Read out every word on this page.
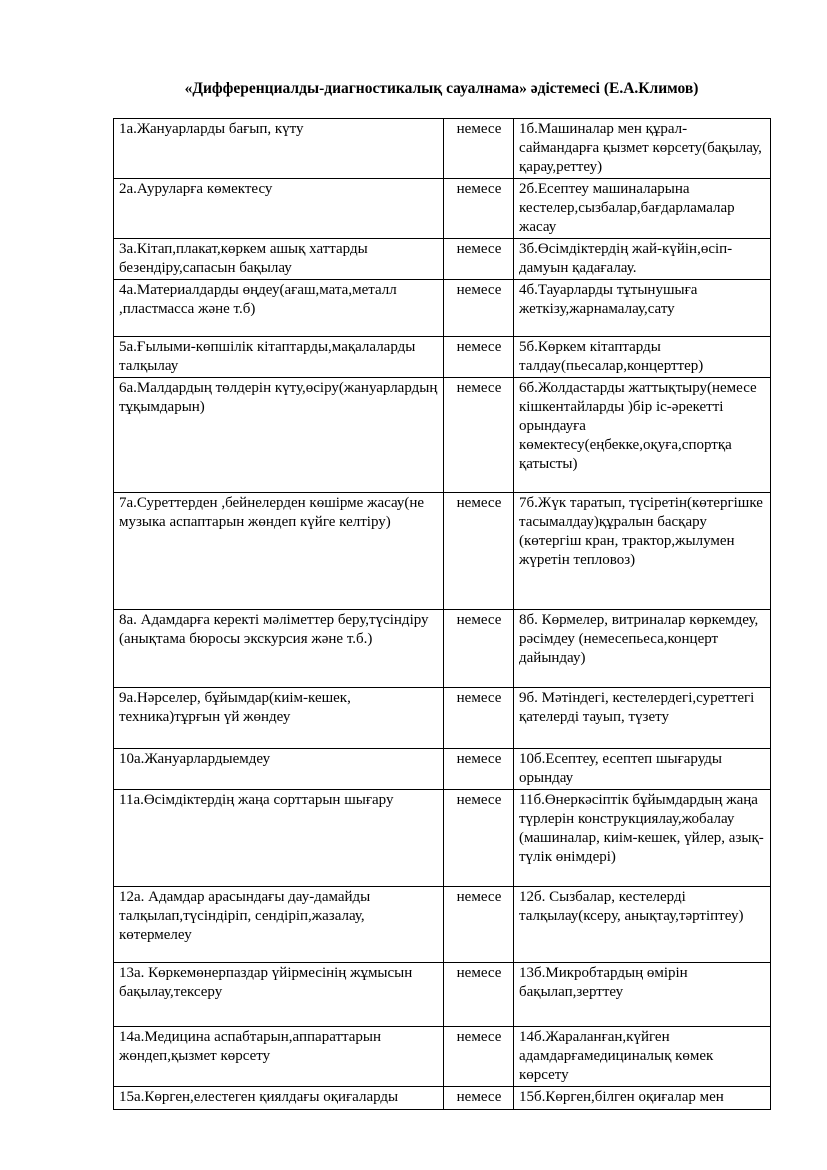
«Дифференциалды-диагностикалық сауалнама» әдістемесі (Е.А.Климов)
1а.Жануарларды бағып, күту	немесе	1б.Машиналар мен құрал-саймандарға қызмет көрсету(бақылау, қарау,реттеу)
2а.Ауруларға көмектесу	немесе	2б.Есептеу машиналарына кестелер,сызбалар,бағдарламалар жасау
3а.Кітап,плакат,көркем ашық хаттарды безендіру,сапасын бақылау	немесе	3б.Өсімдіктердің жай-күйін,өсіп-дамуын қадағалау.
4а.Материалдарды өңдеу(ағаш,мата,металл ,пластмасса және т.б)	немесе	4б.Тауарларды тұтынушыға жеткізу,жарнамалау,сату
5а.Ғылыми-көпшілік кітаптарды,мақалаларды талқылау	немесе	5б.Көркем кітаптарды талдау(пьесалар,концерттер)
6а.Малдардың төлдерін күту,өсіру(жануарлардың тұқымдарын)	немесе	6б.Жолдастарды жаттықтыру(немесе кішкентайларды )бір іс-әрекетті орындауға көмектесу(еңбекке,оқуға,спортқа қатысты)
7а.Суреттерден ,бейнелерден көшірме жасау(не музыка аспаптарын жөндеп күйге келтіру)	немесе	7б.Жүк таратып, түсіретін(көтергішке тасымалдау)құралын басқару (көтергіш кран, трактор,жылумен жүретін тепловоз)
8а. Адамдарға керекті мәліметтер беру,түсіндіру (анықтама бюросы экскурсия және т.б.)	немесе	8б. Көрмелер, витриналар көркемдеу, рәсімдеу (немесепьеса,концерт дайындау)
9а.Нәрселер, бұйымдар(киім-кешек, техника)тұрғын үй жөндеу	немесе	9б. Мәтіндегі, кестелердегі,суреттегі қателерді тауып, түзету
10а.Жануарлардыемдеу	немесе	10б.Есептеу, есептеп шығаруды орындау
11а.Өсімдіктердің жаңа сорттарын шығару	немесе	11б.Өнеркәсіптік бұйымдардың жаңа түрлерін конструкциялау,жобалау (машиналар, киім-кешек, үйлер, азық-түлік өнімдері)
12а. Адамдар арасындағы дау-дамайды талқылап,түсіндіріп, сендіріп,жазалау, көтермелеу	немесе	12б. Сызбалар, кестелерді талқылау(ксеру, анықтау,тәртіптеу)
13а. Көркемөнерпаздар үйірмесінің жұмысын бақылау,тексеру	немесе	13б.Микробтардың өмірін бақылап,зерттеу
14а.Медицина аспабтарын,аппараттарын жөндеп,қызмет көрсету	немесе	14б.Жараланған,күйген адамдарғамедициналық көмек көрсету
15а.Көрген,елестеген қиялдағы оқиғаларды	немесе	15б.Көрген,білген оқиғалар мен
